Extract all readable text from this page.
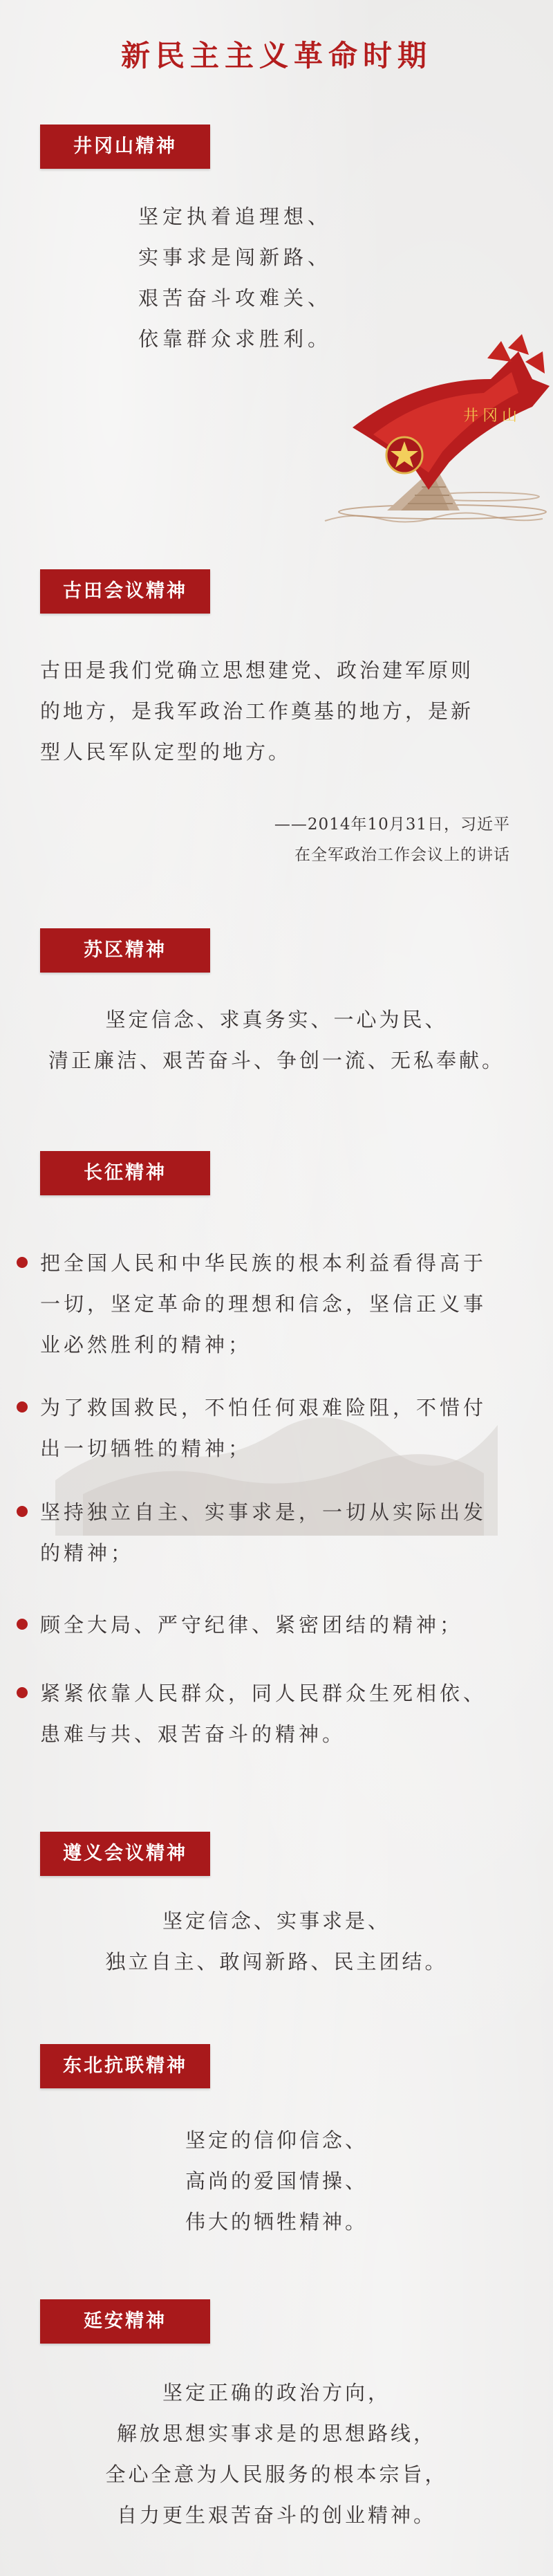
新民主主义革命时期
井冈山精神
坚定执着追理想、
实事求是闯新路、
艰苦奋斗攻难关、
依靠群众求胜利。
井冈山
古田会议精神
古田是我们党确立思想建党、政治建军原则
的地方，是我军政治工作奠基的地方，是新
型人民军队定型的地方。
——2014年10月31日，习近平
在全军政治工作会议上的讲话
苏区精神
坚定信念、求真务实、一心为民、
清正廉洁、艰苦奋斗、争创一流、无私奉献。
长征精神
把全国人民和中华民族的根本利益看得高于
一切，坚定革命的理想和信念，坚信正义事
业必然胜利的精神；
为了救国救民，不怕任何艰难险阻，不惜付
出一切牺牲的精神；
坚持独立自主、实事求是，一切从实际出发
的精神；
顾全大局、严守纪律、紧密团结的精神；
紧紧依靠人民群众，同人民群众生死相依、
患难与共、艰苦奋斗的精神。
遵义会议精神
坚定信念、实事求是、
独立自主、敢闯新路、民主团结。
东北抗联精神
坚定的信仰信念、
高尚的爱国情操、
伟大的牺牲精神。
延安精神
坚定正确的政治方向，
解放思想实事求是的思想路线，
全心全意为人民服务的根本宗旨，
自力更生艰苦奋斗的创业精神。
